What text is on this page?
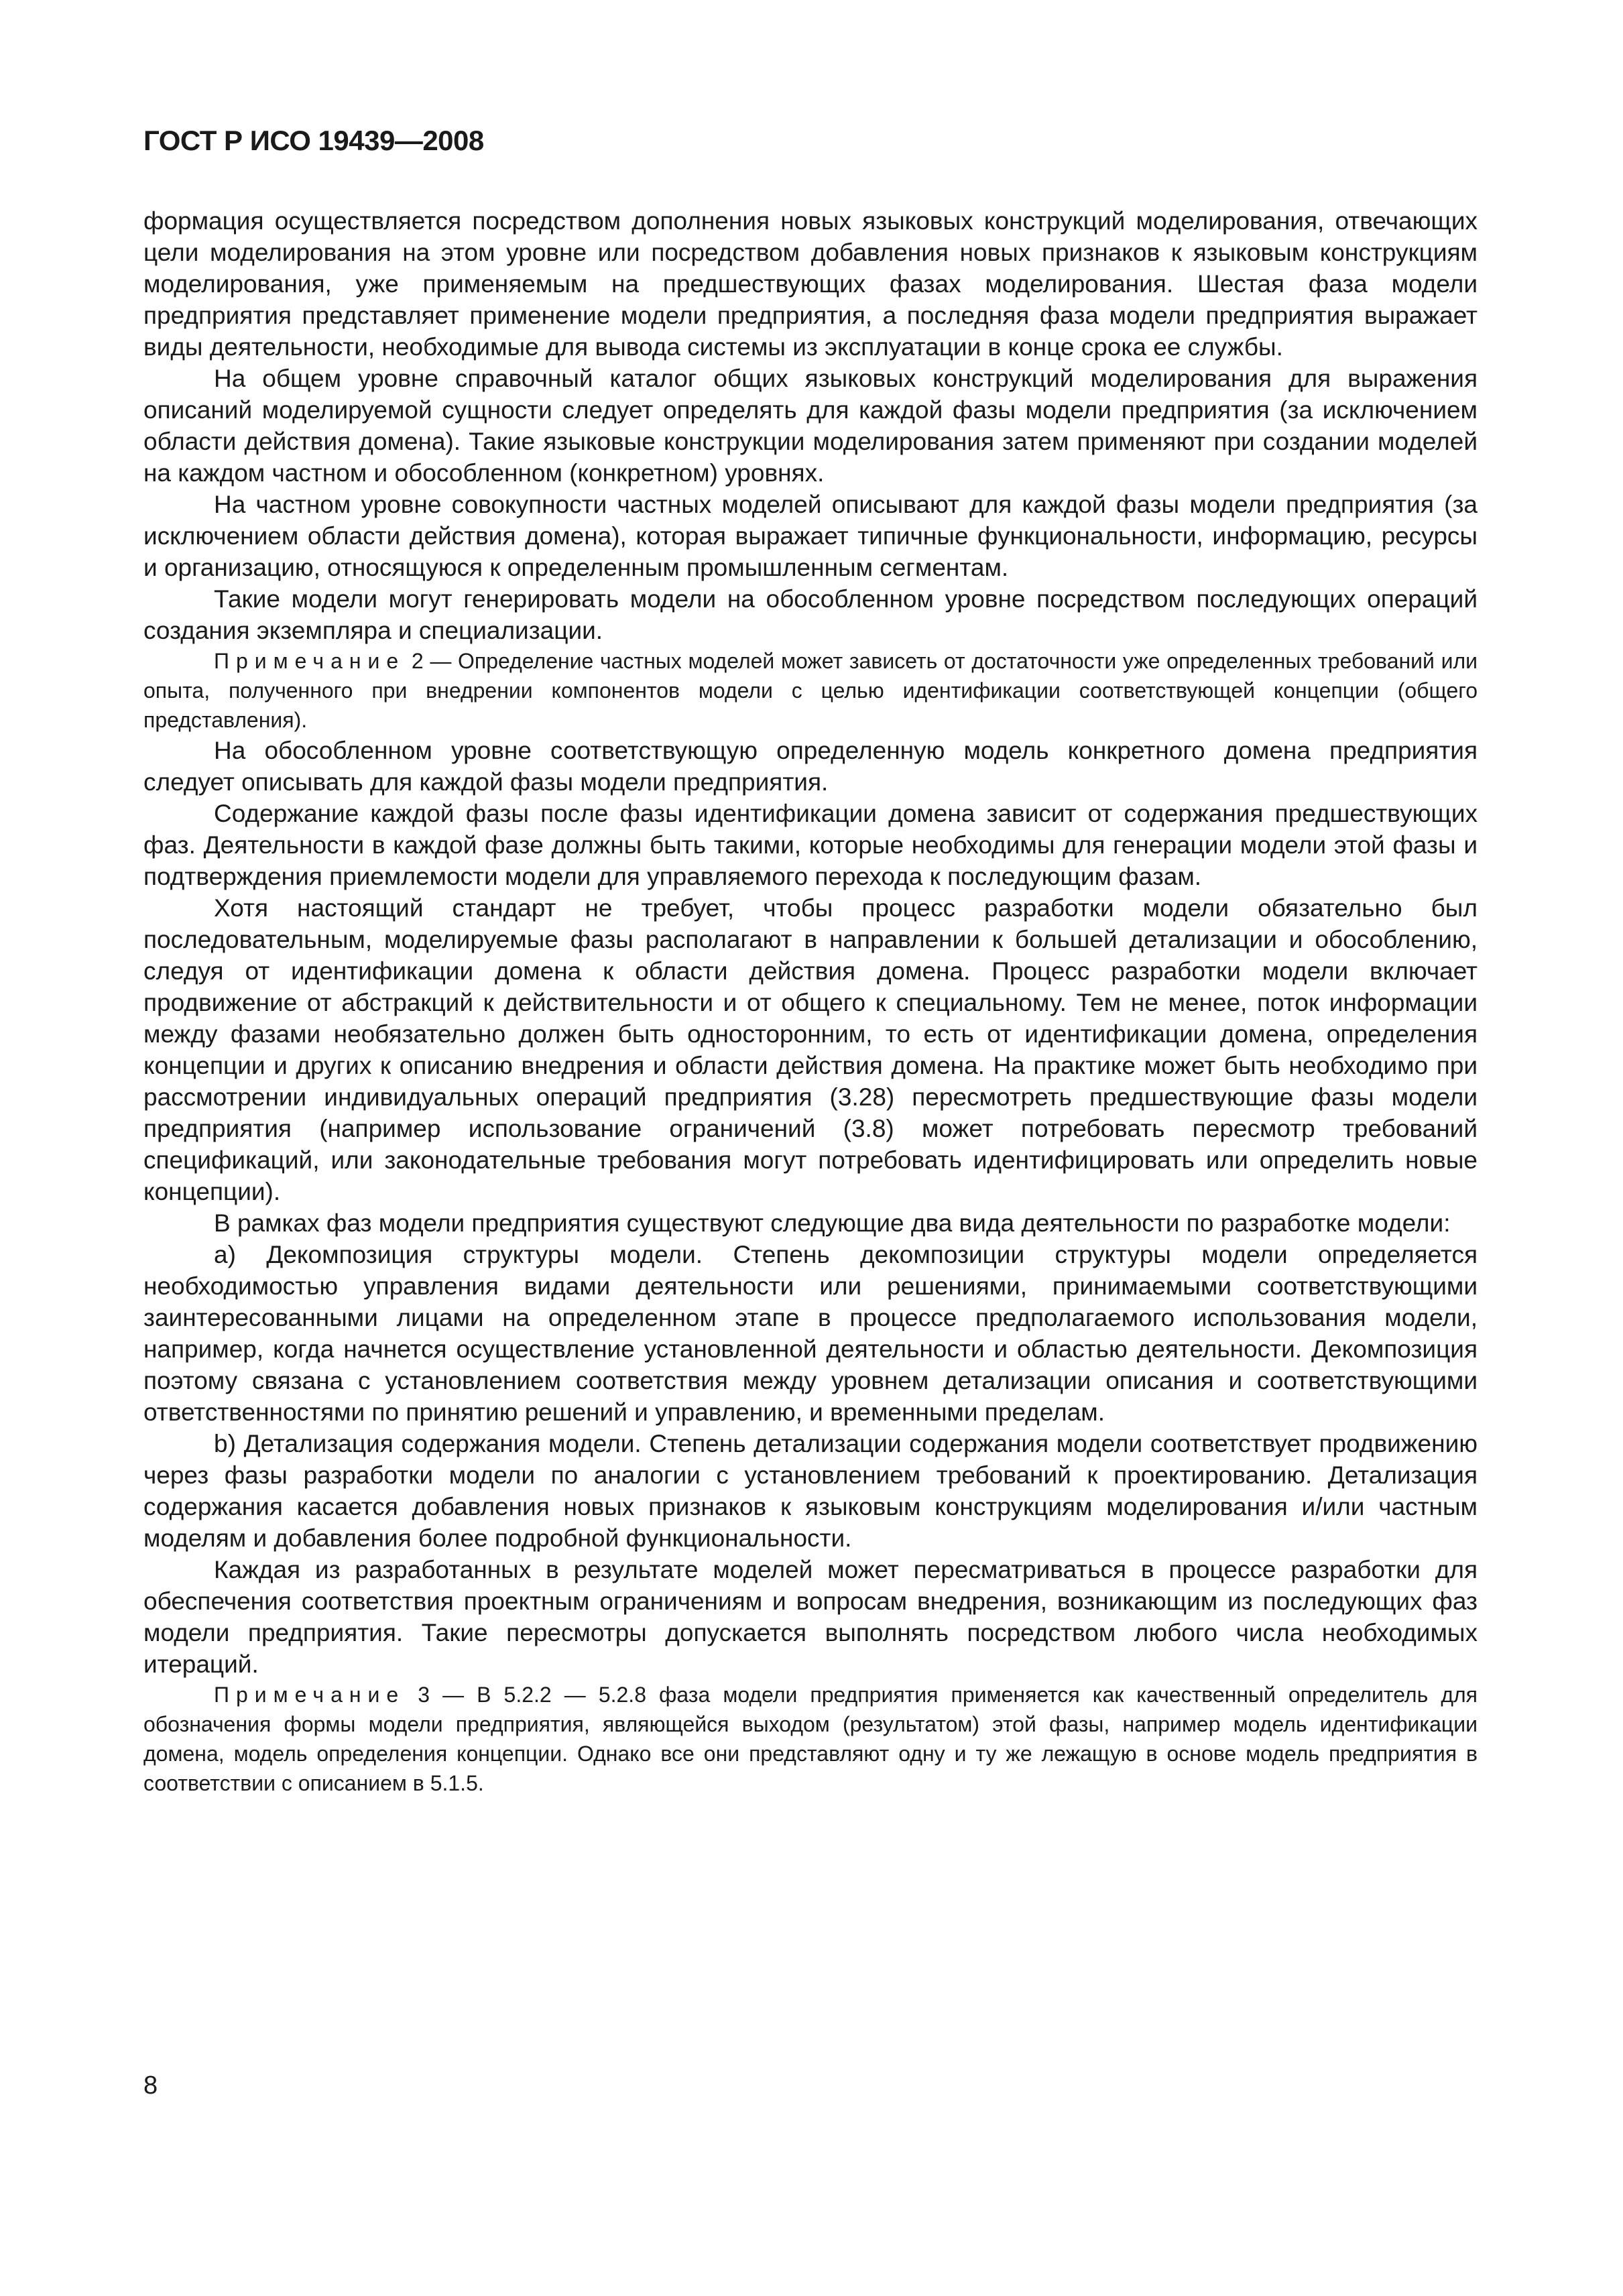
ГОСТ Р ИСО 19439—2008

формация осуществляется посредством дополнения новых языковых конструкций моделирования, отвечающих цели моделирования на этом уровне или посредством добавления новых признаков к языковым конструкциям моделирования, уже применяемым на предшествующих фазах моделирования. Шестая фаза модели предприятия представляет применение модели предприятия, а последняя фаза модели предприятия выражает виды деятельности, необходимые для вывода системы из эксплуатации в конце срока ее службы.

На общем уровне справочный каталог общих языковых конструкций моделирования для выражения описаний моделируемой сущности следует определять для каждой фазы модели предприятия (за исключением области действия домена). Такие языковые конструкции моделирования затем применяют при создании моделей на каждом частном и обособленном (конкретном) уровнях.

На частном уровне совокупности частных моделей описывают для каждой фазы модели предприятия (за исключением области действия домена), которая выражает типичные функциональности, информацию, ресурсы и организацию, относящуюся к определенным промышленным сегментам.

Такие модели могут генерировать модели на обособленном уровне посредством последующих операций создания экземпляра и специализации.

Примечание 2 — Определение частных моделей может зависеть от достаточности уже определенных требований или опыта, полученного при внедрении компонентов модели с целью идентификации соответствующей концепции (общего представления).

На обособленном уровне соответствующую определенную модель конкретного домена предприятия следует описывать для каждой фазы модели предприятия.

Содержание каждой фазы после фазы идентификации домена зависит от содержания предшествующих фаз. Деятельности в каждой фазе должны быть такими, которые необходимы для генерации модели этой фазы и подтверждения приемлемости модели для управляемого перехода к последующим фазам.

Хотя настоящий стандарт не требует, чтобы процесс разработки модели обязательно был последовательным, моделируемые фазы располагают в направлении к большей детализации и обособлению, следуя от идентификации домена к области действия домена. Процесс разработки модели включает продвижение от абстракций к действительности и от общего к специальному. Тем не менее, поток информации между фазами необязательно должен быть односторонним, то есть от идентификации домена, определения концепции и других к описанию внедрения и области действия домена. На практике может быть необходимо при рассмотрении индивидуальных операций предприятия (3.28) пересмотреть предшествующие фазы модели предприятия (например использование ограничений (3.8) может потребовать пересмотр требований спецификаций, или законодательные требования могут потребовать идентифицировать или определить новые концепции).

В рамках фаз модели предприятия существуют следующие два вида деятельности по разработке модели:

a) Декомпозиция структуры модели. Степень декомпозиции структуры модели определяется необходимостью управления видами деятельности или решениями, принимаемыми соответствующими заинтересованными лицами на определенном этапе в процессе предполагаемого использования модели, например, когда начнется осуществление установленной деятельности и областью деятельности. Декомпозиция поэтому связана с установлением соответствия между уровнем детализации описания и соответствующими ответственностями по принятию решений и управлению, и временными пределам.

b) Детализация содержания модели. Степень детализации содержания модели соответствует продвижению через фазы разработки модели по аналогии с установлением требований к проектированию. Детализация содержания касается добавления новых признаков к языковым конструкциям моделирования и/или частным моделям и добавления более подробной функциональности.

Каждая из разработанных в результате моделей может пересматриваться в процессе разработки для обеспечения соответствия проектным ограничениям и вопросам внедрения, возникающим из последующих фаз модели предприятия. Такие пересмотры допускается выполнять посредством любого числа необходимых итераций.

Примечание 3 — В 5.2.2 — 5.2.8 фаза модели предприятия применяется как качественный определитель для обозначения формы модели предприятия, являющейся выходом (результатом) этой фазы, например модель идентификации домена, модель определения концепции. Однако все они представляют одну и ту же лежащую в основе модель предприятия в соответствии с описанием в 5.1.5.

8
